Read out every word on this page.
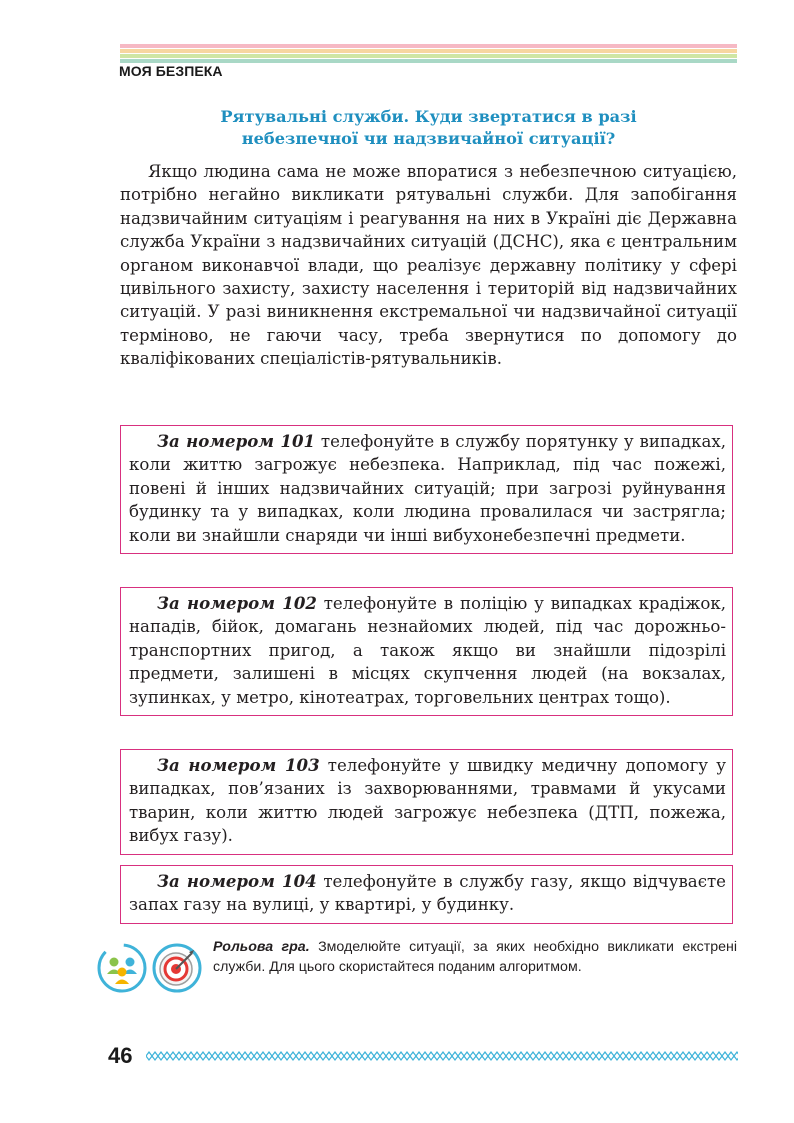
МОЯ БЕЗПЕКА
Рятувальні служби. Куди звертатися в разі
небезпечної чи надзвичайної ситуації?

Якщо людина сама не може впоратися з небезпечною ситуацією, потрібно негайно викликати рятувальні служби. Для запобігання надзвичайним ситуаціям і реагування на них в Україні діє Державна служба України з надзвичайних ситуацій (ДСНС), яка є центральним органом виконавчої влади, що реалізує державну політику у сфері цивільного захисту, захисту населення і територій від надзвичайних ситуацій. У разі виникнення екстремальної чи надзвичайної ситуації терміново, не гаючи часу, треба звернутися по допомогу до кваліфікованих спеціалістів-рятувальників.

За номером 101 телефонуйте в службу порятунку у випадках, коли життю загрожує небезпека. Наприклад, під час пожежі, повені й інших надзвичайних ситуацій; при загрозі руйнування будинку та у випадках, коли людина провалилася чи застрягла; коли ви знайшли снаряди чи інші вибухонебезпечні предмети.

За номером 102 телефонуйте в поліцію у випадках крадіжок, нападів, бійок, домагань незнайомих людей, під час дорожньо-транспортних пригод, а також якщо ви знайшли підозрілі предмети, залишені в місцях скупчення людей (на вокзалах, зупинках, у метро, кінотеатрах, торговельних центрах тощо).

За номером 103 телефонуйте у швидку медичну допомогу у випадках, пов’язаних із захворюваннями, травмами й укусами тварин, коли життю людей загрожує небезпека (ДТП, пожежа, вибух газу).

За номером 104 телефонуйте в службу газу, якщо відчуваєте запах газу на вулиці, у квартирі, у будинку.

Рольова гра. Змоделюйте ситуації, за яких необхідно викликати екстрені служби. Для цього скористайтеся поданим алгоритмом.
46
